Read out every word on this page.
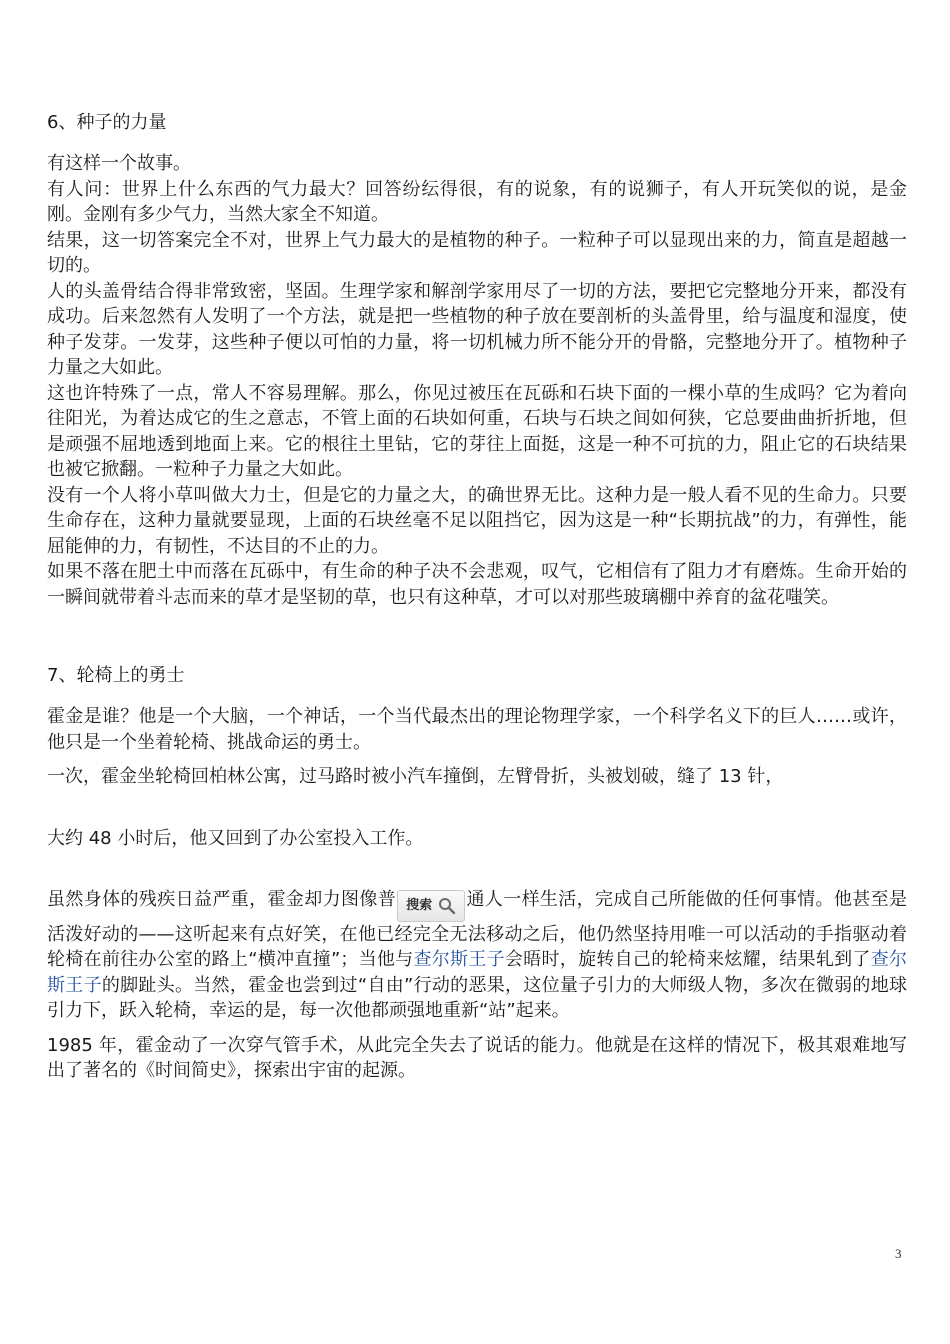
6、种子的力量

有这样一个故事。

有人问：世界上什么东西的气力最大？回答纷纭得很，有的说象，有的说狮子，有人开玩笑似的说，是金刚。金刚有多少气力，当然大家全不知道。

结果，这一切答案完全不对，世界上气力最大的是植物的种子。一粒种子可以显现出来的力，简直是超越一切的。

人的头盖骨结合得非常致密，坚固。生理学家和解剖学家用尽了一切的方法，要把它完整地分开来，都没有成功。后来忽然有人发明了一个方法，就是把一些植物的种子放在要剖析的头盖骨里，给与温度和湿度，使种子发芽。一发芽，这些种子便以可怕的力量，将一切机械力所不能分开的骨骼，完整地分开了。植物种子力量之大如此。

这也许特殊了一点，常人不容易理解。那么，你见过被压在瓦砾和石块下面的一棵小草的生成吗？它为着向往阳光，为着达成它的生之意志，不管上面的石块如何重，石块与石块之间如何狭，它总要曲曲折折地，但是顽强不屈地透到地面上来。它的根往土里钻，它的芽往上面挺，这是一种不可抗的力，阻止它的石块结果也被它掀翻。一粒种子力量之大如此。

没有一个人将小草叫做大力士，但是它的力量之大，的确世界无比。这种力是一般人看不见的生命力。只要生命存在，这种力量就要显现，上面的石块丝毫不足以阻挡它，因为这是一种“长期抗战”的力，有弹性，能屈能伸的力，有韧性，不达目的不止的力。

如果不落在肥土中而落在瓦砾中，有生命的种子决不会悲观，叹气，它相信有了阻力才有磨炼。生命开始的一瞬间就带着斗志而来的草才是坚韧的草，也只有这种草，才可以对那些玻璃棚中养育的盆花嗤笑。

7、轮椅上的勇士

霍金是谁？他是一个大脑，一个神话，一个当代最杰出的理论物理学家，一个科学名义下的巨人……或许，他只是一个坐着轮椅、挑战命运的勇士。

一次，霍金坐轮椅回柏林公寓，过马路时被小汽车撞倒，左臂骨折，头被划破，缝了 13 针，

大约 48 小时后，他又回到了办公室投入工作。

虽然身体的残疾日益严重，霍金却力图像普 搜索 通人一样生活，完成自己所能做的任何事情。他甚至是活泼好动的——这听起来有点好笑，在他已经完全无法移动之后，他仍然坚持用唯一可以活动的手指驱动着轮椅在前往办公室的路上“横冲直撞”；当他与查尔斯王子会晤时，旋转自己的轮椅来炫耀，结果轧到了查尔斯王子的脚趾头。当然，霍金也尝到过“自由”行动的恶果，这位量子引力的大师级人物，多次在微弱的地球引力下，跃入轮椅，幸运的是，每一次他都顽强地重新“站”起来。

1985 年，霍金动了一次穿气管手术，从此完全失去了说话的能力。他就是在这样的情况下，极其艰难地写出了著名的《时间简史》，探索出宇宙的起源。

3
